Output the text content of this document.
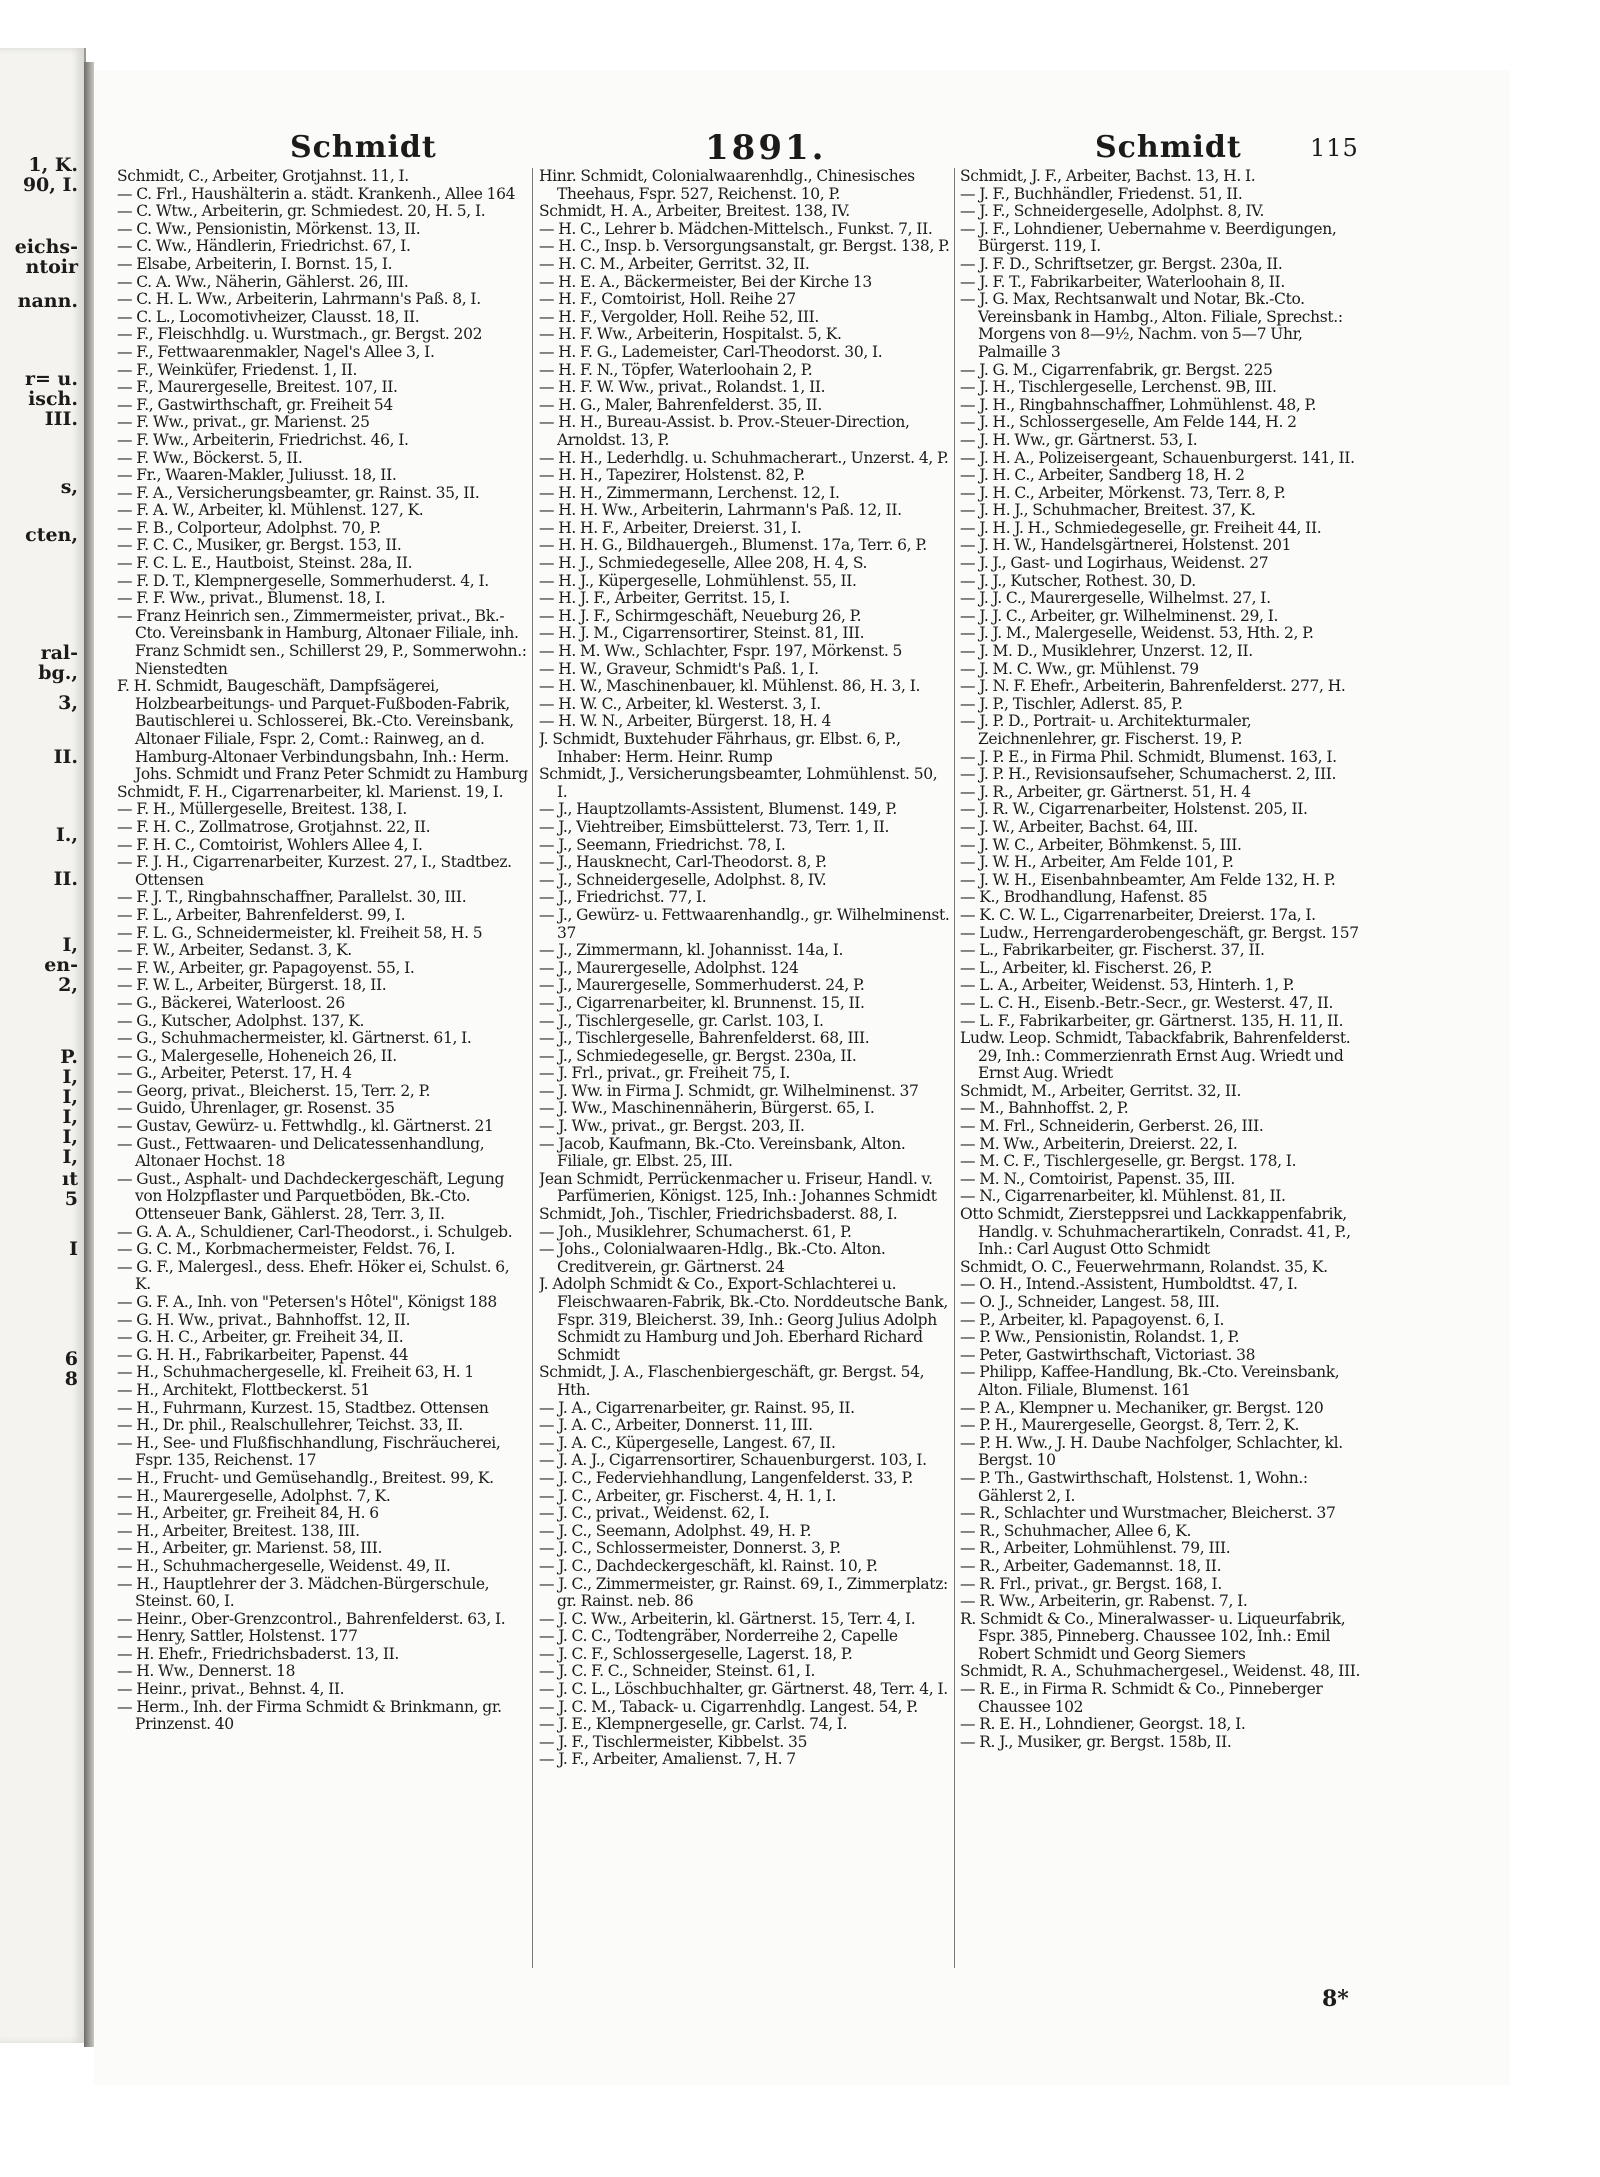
1, K.
90, I.
eichs-
ntoir
nann.
r= u.
isch.
III.
s,
cten,
ral-
bg.,
3,
II.
I.,
II.
I,
en-
2,
P.
I,
I,
I,
I,
I,
ıt
5
I
6
8
Schmidt	1891.	Schmidt	115

Schmidt, C., Arbeiter, Grotjahnst. 11, I.

— C. Frl., Haushälterin a. städt. Krankenh., Allee 164

— C. Wtw., Arbeiterin, gr. Schmiedest. 20, H. 5, I.

— C. Ww., Pensionistin, Mörkenst. 13, II.

— C. Ww., Händlerin, Friedrichst. 67, I.

— Elsabe, Arbeiterin, I. Bornst. 15, I.

— C. A. Ww., Näherin, Gählerst. 26, III.

— C. H. L. Ww., Arbeiterin, Lahrmann's Paß. 8, I.

— C. L., Locomotivheizer, Clausst. 18, II.

— F., Fleischhdlg. u. Wurstmach., gr. Bergst. 202

— F., Fettwaarenmakler, Nagel's Allee 3, I.

— F., Weinküfer, Friedenst. 1, II.

— F., Maurergeselle, Breitest. 107, II.

— F., Gastwirthschaft, gr. Freiheit 54

— F. Ww., privat., gr. Marienst. 25

— F. Ww., Arbeiterin, Friedrichst. 46, I.

— F. Ww., Böckerst. 5, II.

— Fr., Waaren-Makler, Juliusst. 18, II.

— F. A., Versicherungsbeamter, gr. Rainst. 35, II.

— F. A. W., Arbeiter, kl. Mühlenst. 127, K.

— F. B., Colporteur, Adolphst. 70, P.

— F. C. C., Musiker, gr. Bergst. 153, II.

— F. C. L. E., Hautboist, Steinst. 28a, II.

— F. D. T., Klempnergeselle, Sommerhuderst. 4, I.

— F. F. Ww., privat., Blumenst. 18, I.

— Franz Heinrich sen., Zimmermeister, privat., Bk.-Cto. Vereinsbank in Hamburg, Altonaer Filiale, inh. Franz Schmidt sen., Schillerst 29, P., Sommerwohn.: Nienstedten

F. H. Schmidt, Baugeschäft, Dampfsägerei, Holzbearbeitungs- und Parquet-Fußboden-Fabrik, Bautischlerei u. Schlosserei, Bk.-Cto. Vereinsbank, Altonaer Filiale, Fspr. 2, Comt.: Rainweg, an d. Hamburg-Altonaer Verbindungsbahn, Inh.: Herm. Johs. Schmidt und Franz Peter Schmidt zu Hamburg

Schmidt, F. H., Cigarrenarbeiter, kl. Marienst. 19, I.

— F. H., Müllergeselle, Breitest. 138, I.

— F. H. C., Zollmatrose, Grotjahnst. 22, II.

— F. H. C., Comtoirist, Wohlers Allee 4, I.

— F. J. H., Cigarrenarbeiter, Kurzest. 27, I., Stadtbez. Ottensen

— F. J. T., Ringbahnschaffner, Parallelst. 30, III.

— F. L., Arbeiter, Bahrenfelderst. 99, I.

— F. L. G., Schneidermeister, kl. Freiheit 58, H. 5

— F. W., Arbeiter, Sedanst. 3, K.

— F. W., Arbeiter, gr. Papagoyenst. 55, I.

— F. W. L., Arbeiter, Bürgerst. 18, II.

— G., Bäckerei, Waterloost. 26

— G., Kutscher, Adolphst. 137, K.

— G., Schuhmachermeister, kl. Gärtnerst. 61, I.

— G., Malergeselle, Hoheneich 26, II.

— G., Arbeiter, Peterst. 17, H. 4

— Georg, privat., Bleicherst. 15, Terr. 2, P.

— Guido, Uhrenlager, gr. Rosenst. 35

— Gustav, Gewürz- u. Fettwhdlg., kl. Gärtnerst. 21

— Gust., Fettwaaren- und Delicatessenhandlung, Altonaer Hochst. 18

— Gust., Asphalt- und Dachdeckergeschäft, Legung von Holzpflaster und Parquetböden, Bk.-Cto. Ottenseuer Bank, Gählerst. 28, Terr. 3, II.

— G. A. A., Schuldiener, Carl-Theodorst., i. Schulgeb.

— G. C. M., Korbmachermeister, Feldst. 76, I.

— G. F., Malergesl., dess. Ehefr. Höker ei, Schulst. 6, K.

— G. F. A., Inh. von "Petersen's Hôtel", Königst 188

— G. H. Ww., privat., Bahnhoffst. 12, II.

— G. H. C., Arbeiter, gr. Freiheit 34, II.

— G. H. H., Fabrikarbeiter, Papenst. 44

— H., Schuhmachergeselle, kl. Freiheit 63, H. 1

— H., Architekt, Flottbeckerst. 51

— H., Fuhrmann, Kurzest. 15, Stadtbez. Ottensen

— H., Dr. phil., Realschullehrer, Teichst. 33, II.

— H., See- und Flußfischhandlung, Fischräucherei, Fspr. 135, Reichenst. 17

— H., Frucht- und Gemüsehandlg., Breitest. 99, K.

— H., Maurergeselle, Adolphst. 7, K.

— H., Arbeiter, gr. Freiheit 84, H. 6

— H., Arbeiter, Breitest. 138, III.

— H., Arbeiter, gr. Marienst. 58, III.

— H., Schuhmachergeselle, Weidenst. 49, II.

— H., Hauptlehrer der 3. Mädchen-Bürgerschule, Steinst. 60, I.

— Heinr., Ober-Grenzcontrol., Bahrenfelderst. 63, I.

— Henry, Sattler, Holstenst. 177

— H. Ehefr., Friedrichsbaderst. 13, II.

— H. Ww., Dennerst. 18

— Heinr., privat., Behnst. 4, II.

— Herm., Inh. der Firma Schmidt & Brinkmann, gr. Prinzenst. 40

Hinr. Schmidt, Colonialwaarenhdlg., Chinesisches Theehaus, Fspr. 527, Reichenst. 10, P.

Schmidt, H. A., Arbeiter, Breitest. 138, IV.

— H. C., Lehrer b. Mädchen-Mittelsch., Funkst. 7, II.

— H. C., Insp. b. Versorgungsanstalt, gr. Bergst. 138, P.

— H. C. M., Arbeiter, Gerritst. 32, II.

— H. E. A., Bäckermeister, Bei der Kirche 13

— H. F., Comtoirist, Holl. Reihe 27

— H. F., Vergolder, Holl. Reihe 52, III.

— H. F. Ww., Arbeiterin, Hospitalst. 5, K.

— H. F. G., Lademeister, Carl-Theodorst. 30, I.

— H. F. N., Töpfer, Waterloohain 2, P.

— H. F. W. Ww., privat., Rolandst. 1, II.

— H. G., Maler, Bahrenfelderst. 35, II.

— H. H., Bureau-Assist. b. Prov.-Steuer-Direction, Arnoldst. 13, P.

— H. H., Lederhdlg. u. Schuhmacherart., Unzerst. 4, P.

— H. H., Tapezirer, Holstenst. 82, P.

— H. H., Zimmermann, Lerchenst. 12, I.

— H. H. Ww., Arbeiterin, Lahrmann's Paß. 12, II.

— H. H. F., Arbeiter, Dreierst. 31, I.

— H. H. G., Bildhauergeh., Blumenst. 17a, Terr. 6, P.

— H. J., Schmiedegeselle, Allee 208, H. 4, S.

— H. J., Küpergeselle, Lohmühlenst. 55, II.

— H. J. F., Arbeiter, Gerritst. 15, I.

— H. J. F., Schirmgeschäft, Neueburg 26, P.

— H. J. M., Cigarrensortirer, Steinst. 81, III.

— H. M. Ww., Schlachter, Fspr. 197, Mörkenst. 5

— H. W., Graveur, Schmidt's Paß. 1, I.

— H. W., Maschinenbauer, kl. Mühlenst. 86, H. 3, I.

— H. W. C., Arbeiter, kl. Westerst. 3, I.

— H. W. N., Arbeiter, Bürgerst. 18, H. 4

J. Schmidt, Buxtehuder Fährhaus, gr. Elbst. 6, P., Inhaber: Herm. Heinr. Rump

Schmidt, J., Versicherungsbeamter, Lohmühlenst. 50, I.

— J., Hauptzollamts-Assistent, Blumenst. 149, P.

— J., Viehtreiber, Eimsbüttelerst. 73, Terr. 1, II.

— J., Seemann, Friedrichst. 78, I.

— J., Hausknecht, Carl-Theodorst. 8, P.

— J., Schneidergeselle, Adolphst. 8, IV.

— J., Friedrichst. 77, I.

— J., Gewürz- u. Fettwaarenhandlg., gr. Wilhelminenst. 37

— J., Zimmermann, kl. Johannisst. 14a, I.

— J., Maurergeselle, Adolphst. 124

— J., Maurergeselle, Sommerhuderst. 24, P.

— J., Cigarrenarbeiter, kl. Brunnenst. 15, II.

— J., Tischlergeselle, gr. Carlst. 103, I.

— J., Tischlergeselle, Bahrenfelderst. 68, III.

— J., Schmiedegeselle, gr. Bergst. 230a, II.

— J. Frl., privat., gr. Freiheit 75, I.

— J. Ww. in Firma J. Schmidt, gr. Wilhelminenst. 37

— J. Ww., Maschinennäherin, Bürgerst. 65, I.

— J. Ww., privat., gr. Bergst. 203, II.

— Jacob, Kaufmann, Bk.-Cto. Vereinsbank, Alton. Filiale, gr. Elbst. 25, III.

Jean Schmidt, Perrückenmacher u. Friseur, Handl. v. Parfümerien, Königst. 125, Inh.: Johannes Schmidt

Schmidt, Joh., Tischler, Friedrichsbaderst. 88, I.

— Joh., Musiklehrer, Schumacherst. 61, P.

— Johs., Colonialwaaren-Hdlg., Bk.-Cto. Alton. Creditverein, gr. Gärtnerst. 24

J. Adolph Schmidt & Co., Export-Schlachterei u. Fleischwaaren-Fabrik, Bk.-Cto. Norddeutsche Bank, Fspr. 319, Bleicherst. 39, Inh.: Georg Julius Adolph Schmidt zu Hamburg und Joh. Eberhard Richard Schmidt

Schmidt, J. A., Flaschenbiergeschäft, gr. Bergst. 54, Hth.

— J. A., Cigarrenarbeiter, gr. Rainst. 95, II.

— J. A. C., Arbeiter, Donnerst. 11, III.

— J. A. C., Küpergeselle, Langest. 67, II.

— J. A. J., Cigarrensortirer, Schauenburgerst. 103, I.

— J. C., Federviehhandlung, Langenfelderst. 33, P.

— J. C., Arbeiter, gr. Fischerst. 4, H. 1, I.

— J. C., privat., Weidenst. 62, I.

— J. C., Seemann, Adolphst. 49, H. P.

— J. C., Schlossermeister, Donnerst. 3, P.

— J. C., Dachdeckergeschäft, kl. Rainst. 10, P.

— J. C., Zimmermeister, gr. Rainst. 69, I., Zimmerplatz: gr. Rainst. neb. 86

— J. C. Ww., Arbeiterin, kl. Gärtnerst. 15, Terr. 4, I.

— J. C. C., Todtengräber, Norderreihe 2, Capelle

— J. C. F., Schlossergeselle, Lagerst. 18, P.

— J. C. F. C., Schneider, Steinst. 61, I.

— J. C. L., Löschbuchhalter, gr. Gärtnerst. 48, Terr. 4, I.

— J. C. M., Taback- u. Cigarrenhdlg. Langest. 54, P.

— J. E., Klempnergeselle, gr. Carlst. 74, I.

— J. F., Tischlermeister, Kibbelst. 35

— J. F., Arbeiter, Amalienst. 7, H. 7

Schmidt, J. F., Arbeiter, Bachst. 13, H. I.

— J. F., Buchhändler, Friedenst. 51, II.

— J. F., Schneidergeselle, Adolphst. 8, IV.

— J. F., Lohndiener, Uebernahme v. Beerdigungen, Bürgerst. 119, I.

— J. F. D., Schriftsetzer, gr. Bergst. 230a, II.

— J. F. T., Fabrikarbeiter, Waterloohain 8, II.

— J. G. Max, Rechtsanwalt und Notar, Bk.-Cto. Vereinsbank in Hambg., Alton. Filiale, Sprechst.: Morgens von 8—9½, Nachm. von 5—7 Uhr, Palmaille 3

— J. G. M., Cigarrenfabrik, gr. Bergst. 225

— J. H., Tischlergeselle, Lerchenst. 9B, III.

— J. H., Ringbahnschaffner, Lohmühlenst. 48, P.

— J. H., Schlossergeselle, Am Felde 144, H. 2

— J. H. Ww., gr. Gärtnerst. 53, I.

— J. H. A., Polizeisergeant, Schauenburgerst. 141, II.

— J. H. C., Arbeiter, Sandberg 18, H. 2

— J. H. C., Arbeiter, Mörkenst. 73, Terr. 8, P.

— J. H. J., Schuhmacher, Breitest. 37, K.

— J. H. J. H., Schmiedegeselle, gr. Freiheit 44, II.

— J. H. W., Handelsgärtnerei, Holstenst. 201

— J. J., Gast- und Logirhaus, Weidenst. 27

— J. J., Kutscher, Rothest. 30, D.

— J. J. C., Maurergeselle, Wilhelmst. 27, I.

— J. J. C., Arbeiter, gr. Wilhelminenst. 29, I.

— J. J. M., Malergeselle, Weidenst. 53, Hth. 2, P.

— J. M. D., Musiklehrer, Unzerst. 12, II.

— J. M. C. Ww., gr. Mühlenst. 79

— J. N. F. Ehefr., Arbeiterin, Bahrenfelderst. 277, H.

— J. P., Tischler, Adlerst. 85, P.

— J. P. D., Portrait- u. Architekturmaler, Zeichnenlehrer, gr. Fischerst. 19, P.

— J. P. E., in Firma Phil. Schmidt, Blumenst. 163, I.

— J. P. H., Revisionsaufseher, Schumacherst. 2, III.

— J. R., Arbeiter, gr. Gärtnerst. 51, H. 4

— J. R. W., Cigarrenarbeiter, Holstenst. 205, II.

— J. W., Arbeiter, Bachst. 64, III.

— J. W. C., Arbeiter, Böhmkenst. 5, III.

— J. W. H., Arbeiter, Am Felde 101, P.

— J. W. H., Eisenbahnbeamter, Am Felde 132, H. P.

— K., Brodhandlung, Hafenst. 85

— K. C. W. L., Cigarrenarbeiter, Dreierst. 17a, I.

— Ludw., Herrengarderobengeschäft, gr. Bergst. 157

— L., Fabrikarbeiter, gr. Fischerst. 37, II.

— L., Arbeiter, kl. Fischerst. 26, P.

— L. A., Arbeiter, Weidenst. 53, Hinterh. 1, P.

— L. C. H., Eisenb.-Betr.-Secr., gr. Westerst. 47, II.

— L. F., Fabrikarbeiter, gr. Gärtnerst. 135, H. 11, II.

Ludw. Leop. Schmidt, Tabackfabrik, Bahrenfelderst. 29, Inh.: Commerzienrath Ernst Aug. Wriedt und Ernst Aug. Wriedt

Schmidt, M., Arbeiter, Gerritst. 32, II.

— M., Bahnhoffst. 2, P.

— M. Frl., Schneiderin, Gerberst. 26, III.

— M. Ww., Arbeiterin, Dreierst. 22, I.

— M. C. F., Tischlergeselle, gr. Bergst. 178, I.

— M. N., Comtoirist, Papenst. 35, III.

— N., Cigarrenarbeiter, kl. Mühlenst. 81, II.

Otto Schmidt, Ziersteppsrei und Lackkappenfabrik, Handlg. v. Schuhmacherartikeln, Conradst. 41, P., Inh.: Carl August Otto Schmidt

Schmidt, O. C., Feuerwehrmann, Rolandst. 35, K.

— O. H., Intend.-Assistent, Humboldtst. 47, I.

— O. J., Schneider, Langest. 58, III.

— P., Arbeiter, kl. Papagoyenst. 6, I.

— P. Ww., Pensionistin, Rolandst. 1, P.

— Peter, Gastwirthschaft, Victoriast. 38

— Philipp, Kaffee-Handlung, Bk.-Cto. Vereinsbank, Alton. Filiale, Blumenst. 161

— P. A., Klempner u. Mechaniker, gr. Bergst. 120

— P. H., Maurergeselle, Georgst. 8, Terr. 2, K.

— P. H. Ww., J. H. Daube Nachfolger, Schlachter, kl. Bergst. 10

— P. Th., Gastwirthschaft, Holstenst. 1, Wohn.: Gählerst 2, I.

— R., Schlachter und Wurstmacher, Bleicherst. 37

— R., Schuhmacher, Allee 6, K.

— R., Arbeiter, Lohmühlenst. 79, III.

— R., Arbeiter, Gademannst. 18, II.

— R. Frl., privat., gr. Bergst. 168, I.

— R. Ww., Arbeiterin, gr. Rabenst. 7, I.

R. Schmidt & Co., Mineralwasser- u. Liqueurfabrik, Fspr. 385, Pinneberg. Chaussee 102, Inh.: Emil Robert Schmidt und Georg Siemers

Schmidt, R. A., Schuhmachergesel., Weidenst. 48, III.

— R. E., in Firma R. Schmidt & Co., Pinneberger Chaussee 102

— R. E. H., Lohndiener, Georgst. 18, I.

— R. J., Musiker, gr. Bergst. 158b, II.

8*
